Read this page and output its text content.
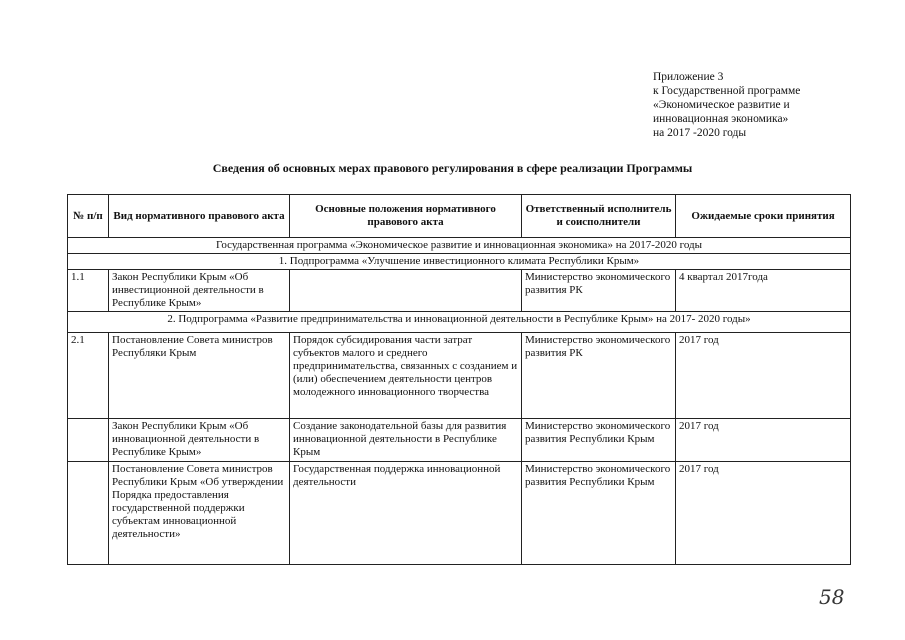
Приложение 3
к Государственной программе
«Экономическое развитие и
инновационная экономика»
на 2017 -2020 годы
Сведения об основных мерах правового регулирования в сфере реализации Программы
№ п/п	Вид нормативного правового акта	Основные положения нормативного правового акта	Ответственный исполнитель и соисполнители	Ожидаемые сроки принятия
Государственная программа «Экономическое развитие и инновационная экономика» на 2017-2020 годы				
1. Подпрограмма «Улучшение инвестиционного климата Республики Крым»				
1.1	Закон Республики Крым «Об инвестиционной деятельности в Республике Крым»		Министерство экономического развития РК	4 квартал 2017года
2. Подпрограмма «Развитие предпринимательства и инновационной деятельности в Республике Крым» на 2017- 2020 годы»				
2.1	Постановление Совета министров Республяки Крым	Порядок субсидирования части затрат субъектов малого и среднего предпринимательства, связанных с созданием и (или) обеспечением деятельности центров молодежного инновационного творчества	Министерство экономического развития РК	2017 год
	Закон Республики Крым «Об инновационной деятельности в Республике Крым»	Создание законодательной базы для развития инновационной деятельности в Республике Крым	Министерство экономического развития Республики Крым	2017 год
	Постановление Совета министров Республики Крым «Об утверждении Порядка предоставления государственной поддержки субъектам инновационной деятельности»	Государственная поддержка инновационной деятельности	Министерство экономического развития Республики Крым	2017 год
58
